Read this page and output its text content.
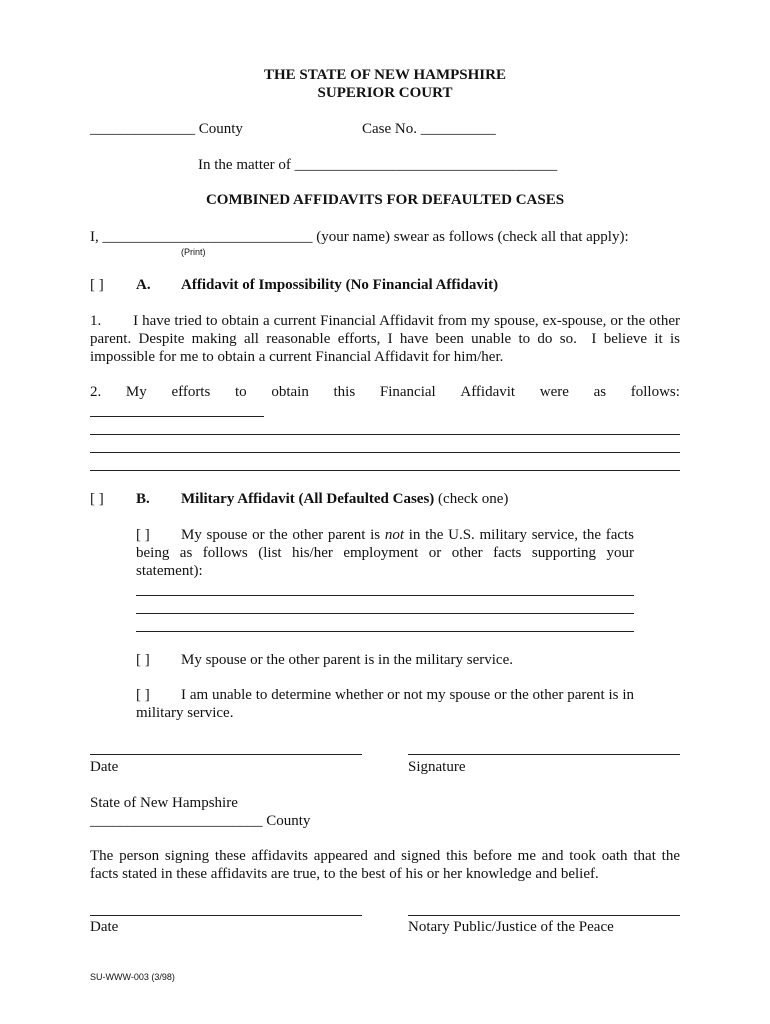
THE STATE OF NEW HAMPSHIRE
SUPERIOR COURT
______________ County	Case No. __________
In the matter of ___________________________________
COMBINED AFFIDAVITS FOR DEFAULTED CASES
I, ____________________________ (your name) swear as follows (check all that apply):
(Print)
[ ] A. Affidavit of Impossibility (No Financial Affidavit)
1.        I have tried to obtain a current Financial Affidavit from my spouse, ex-spouse, or the other parent. Despite making all reasonable efforts, I have been unable to do so.  I believe it is impossible for me to obtain a current Financial Affidavit for him/her.
2. My efforts to obtain this Financial Affidavit were as follows:
[ ] B. Military Affidavit (All Defaulted Cases) (check one)
[ ]	My spouse or the other parent is not in the U.S. military service, the facts being as follows (list his/her employment or other facts supporting your statement):
[ ] My spouse or the other parent is in the military service.
[ ]	I am unable to determine whether or not my spouse or the other parent is in military service.
Date	Signature
State of New Hampshire
_______________________ County
The person signing these affidavits appeared and signed this before me and took oath that the facts stated in these affidavits are true, to the best of his or her knowledge and belief.
Date	Notary Public/Justice of the Peace
SU-WWW-003 (3/98)
